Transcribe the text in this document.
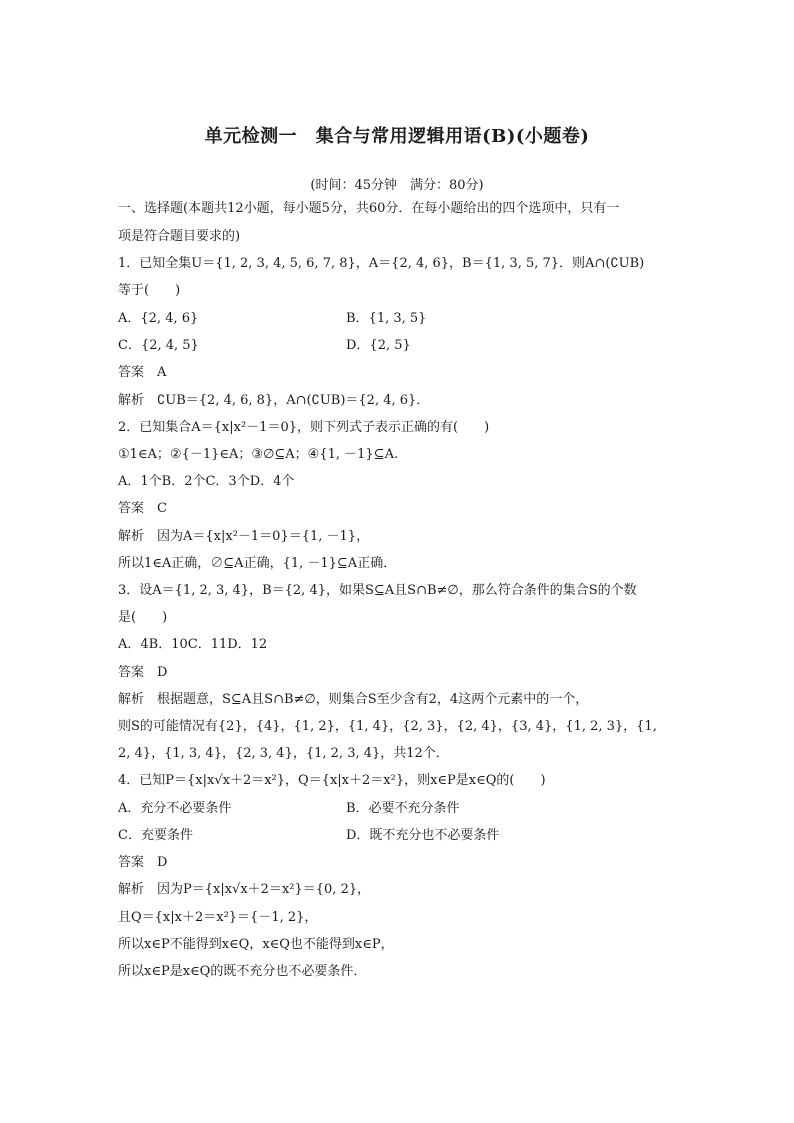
单元检测一　集合与常用逻辑用语(B)(小题卷)
(时间：45分钟　满分：80分)
一、选择题(本题共12小题，每小题5分，共60分．在每小题给出的四个选项中，只有一
项是符合题目要求的)
1．已知全集U＝{1, 2, 3, 4, 5, 6, 7, 8}，A＝{2, 4, 6}，B＝{1, 3, 5, 7}．则A∩(∁UB)
等于(　　)
A．{2, 4, 6}	B．{1, 3, 5}
C．{2, 4, 5}	D．{2, 5}
答案　A
解析　∁UB＝{2, 4, 6, 8}，A∩(∁UB)＝{2, 4, 6}．
2．已知集合A＝{x|x²－1＝0}，则下列式子表示正确的有(　　)
①1∈A；②{－1}∈A；③∅⊆A；④{1, －1}⊆A.
A．1个B．2个C．3个D．4个
答案　C
解析　因为A＝{x|x²－1＝0}＝{1, －1}，
所以1∈A正确，∅⊆A正确，{1, －1}⊆A正确．
3．设A＝{1, 2, 3, 4}，B＝{2, 4}，如果S⊆A且S∩B≠∅，那么符合条件的集合S的个数
是(　　)
A．4B．10C．11D．12
答案　D
解析　根据题意，S⊆A且S∩B≠∅，则集合S至少含有2，4这两个元素中的一个，
则S的可能情况有{2}，{4}，{1, 2}，{1, 4}，{2, 3}，{2, 4}，{3, 4}，{1, 2, 3}，{1,
2, 4}，{1, 3, 4}，{2, 3, 4}，{1, 2, 3, 4}，共12个．
4．已知P＝{x|x√x＋2＝x²}，Q＝{x|x＋2＝x²}，则x∈P是x∈Q的(　　)
A．充分不必要条件	B．必要不充分条件
C．充要条件	D．既不充分也不必要条件
答案　D
解析　因为P＝{x|x√x＋2＝x²}＝{0, 2}，
且Q＝{x|x＋2＝x²}＝{－1, 2}，
所以x∈P不能得到x∈Q，x∈Q也不能得到x∈P，
所以x∈P是x∈Q的既不充分也不必要条件．
